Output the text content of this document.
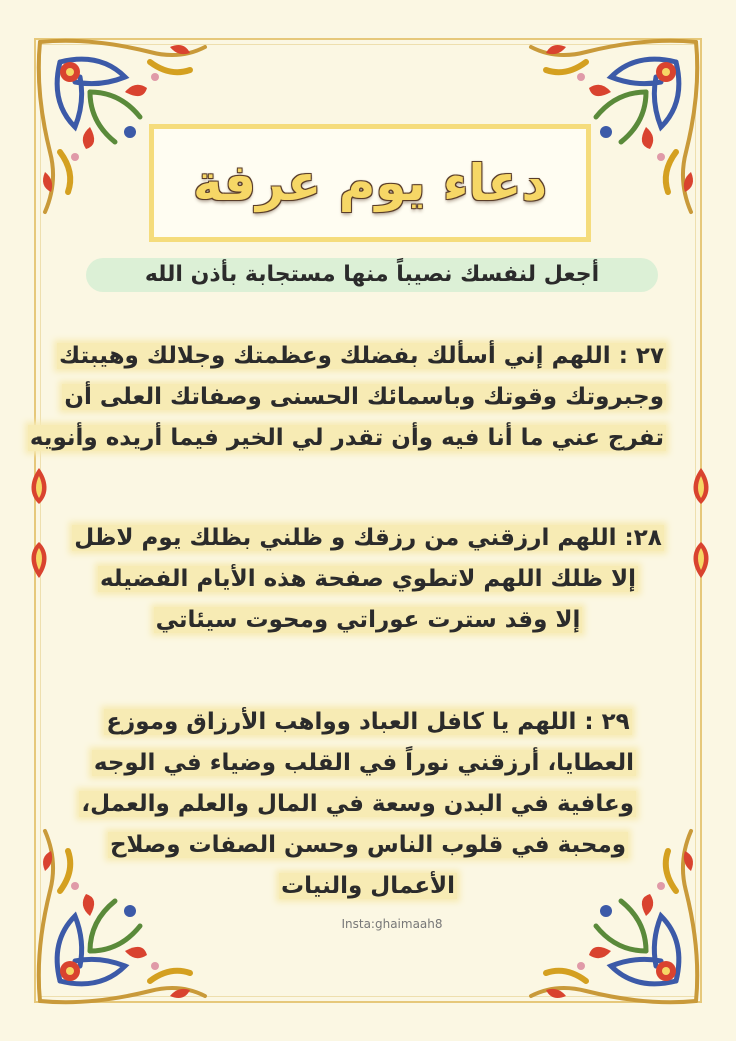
دعاء يوم عرفة
أجعل لنفسك نصيباً منها مستجابة بأذن الله
٢٧ : اللهم إني أسألك بفضلك وعظمتك وجلالك وهيبتك
وجبروتك وقوتك وباسمائك الحسنى وصفاتك العلى أن
تفرج عني ما أنا فيه وأن تقدر لي الخير فيما أريده وأنويه
٢٨: اللهم ارزقني من رزقك و ظلني بظلك يوم لاظل
إلا ظلك اللهم لاتطوي صفحة هذه الأيام الفضيله
إلا وقد سترت عوراتي ومحوت سيئاتي
٢٩ : اللهم يا كافل العباد وواهب الأرزاق وموزع
العطايا، أرزقني نوراً في القلب وضياء في الوجه
وعافية في البدن وسعة في المال والعلم والعمل،
ومحبة في قلوب الناس وحسن الصفات وصلاح
الأعمال والنيات
Insta:ghaimaah8
